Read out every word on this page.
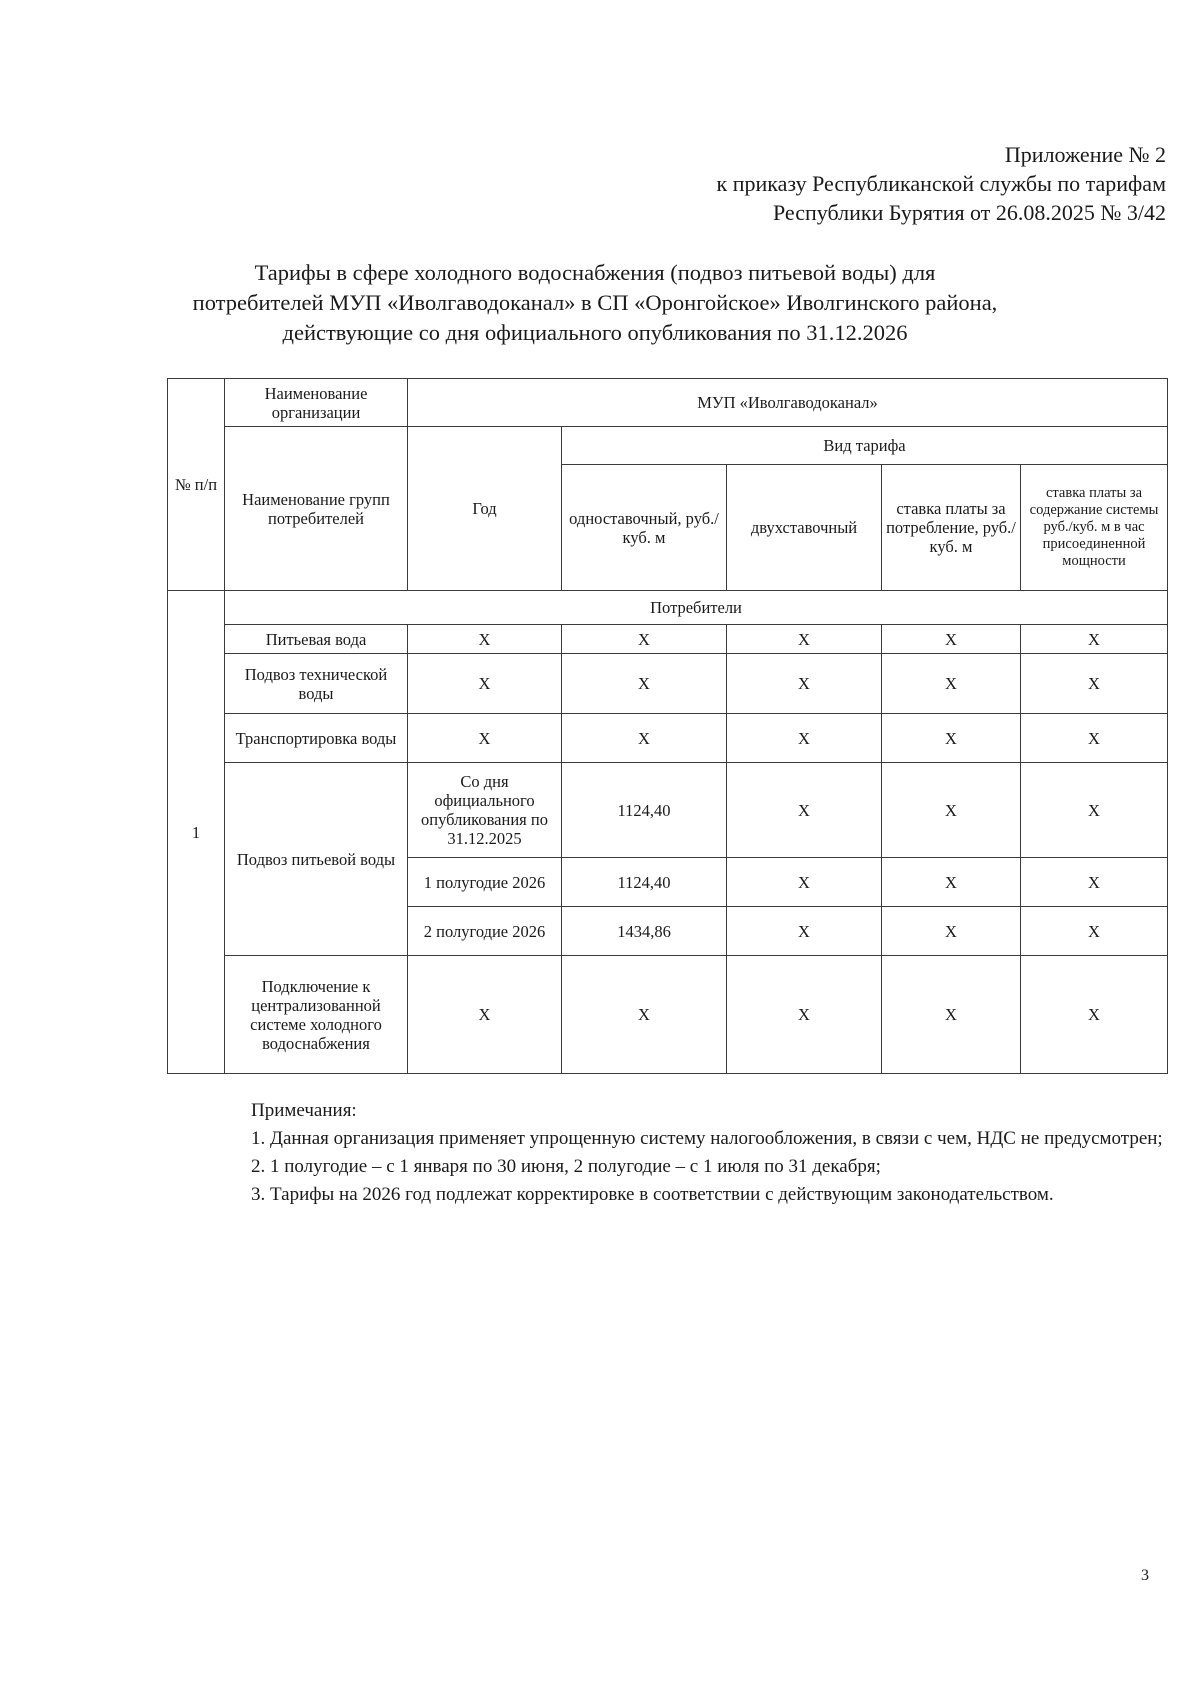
Приложение № 2
к приказу Республиканской службы по тарифам
Республики Бурятия от 26.08.2025 № 3/42
Тарифы в сфере холодного водоснабжения (подвоз питьевой воды) для
потребителей МУП «Иволгаводоканал» в СП «Оронгойское» Иволгинского района,
действующие со дня официального опубликования по 31.12.2026
№ п/п	Наименование организации	МУП «Иволгаводоканал»				
	Наименование групп потребителей	Год	Вид тарифа			
			одноставочный, руб./ куб. м	двухставочный	ставка платы за потребление, руб./ куб. м	ставка платы за содержание системы руб./куб. м в час присоединенной мощности
1	Потребители					
	Питьевая вода	Х	Х	Х	Х	Х
	Подвоз технической воды	Х	Х	Х	Х	Х
	Транспортировка воды	Х	Х	Х	Х	Х
	Подвоз питьевой воды	Со дня официального опубликования по 31.12.2025	1124,40	Х	Х	Х
		1 полугодие 2026	1124,40	Х	Х	Х
		2 полугодие 2026	1434,86	Х	Х	Х
	Подключение к централизованной системе холодного водоснабжения	Х	Х	Х	Х	Х

Примечания:

1. Данная организация применяет упрощенную систему налогообложения, в связи с чем, НДС не предусмотрен;

2. 1 полугодие – с 1 января по 30 июня, 2 полугодие – с 1 июля по 31 декабря;

3. Тарифы на 2026 год подлежат корректировке в соответствии с действующим законодательством.

3
